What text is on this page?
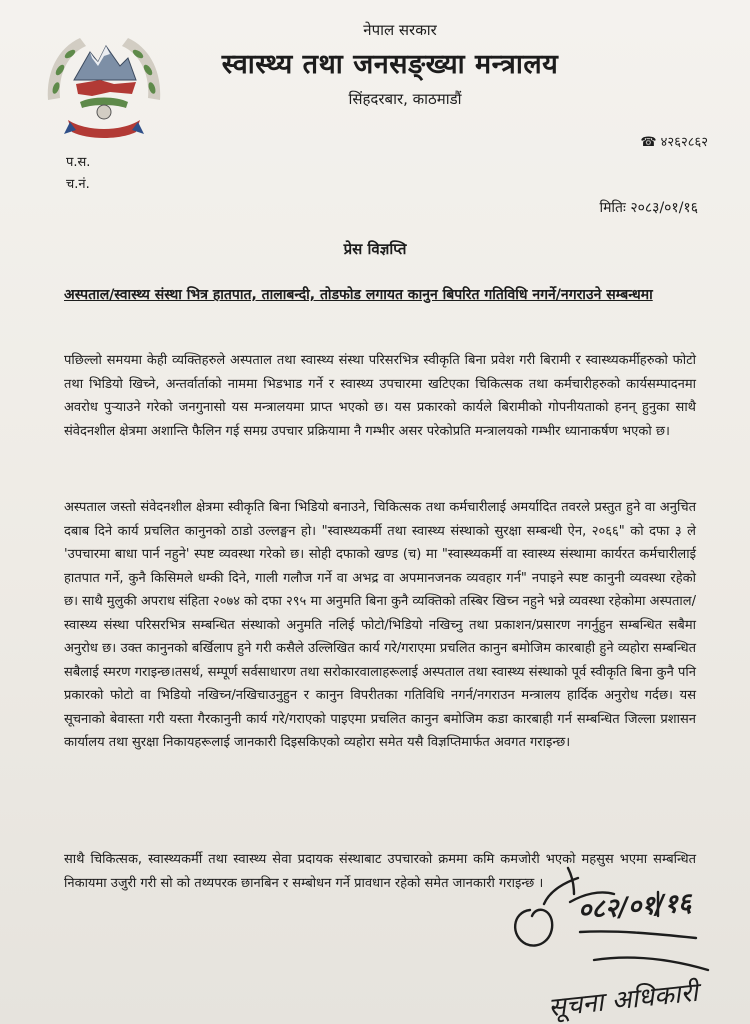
नेपाल सरकार
स्वास्थ्य तथा जनसङ्ख्या मन्त्रालय
सिंहदरबार, काठमाडौं
☎ ४२६२८६२
प.स.
च.नं.
मितिः २०८३/०१/१६
प्रेस विज्ञप्ति
अस्पताल/स्वास्थ्य संस्था भित्र हातपात, तालाबन्दी, तोडफोड लगायत कानुन बिपरित गतिविधि नगर्ने/नगराउने सम्बन्धमा
पछिल्लो समयमा केही व्यक्तिहरुले अस्पताल तथा स्वास्थ्य संस्था परिसरभित्र स्वीकृति बिना प्रवेश गरी बिरामी र स्वास्थ्यकर्मीहरुको फोटो तथा भिडियो खिच्ने, अन्तर्वार्ताको नाममा भिडभाड गर्ने र स्वास्थ्य उपचारमा खटिएका चिकित्सक तथा कर्मचारीहरुको कार्यसम्पादनमा अवरोध पुऱ्याउने गरेको जनगुनासो यस मन्त्रालयमा प्राप्त भएको छ। यस प्रकारको कार्यले बिरामीको गोपनीयताको हनन् हुनुका साथै संवेदनशील क्षेत्रमा अशान्ति फैलिन गई समग्र उपचार प्रक्रियामा नै गम्भीर असर परेकोप्रति मन्त्रालयको गम्भीर ध्यानाकर्षण भएको छ।
अस्पताल जस्तो संवेदनशील क्षेत्रमा स्वीकृति बिना भिडियो बनाउने, चिकित्सक तथा कर्मचारीलाई अमर्यादित तवरले प्रस्तुत हुने वा अनुचित दबाब दिने कार्य प्रचलित कानुनको ठाडो उल्लङ्घन हो। "स्वास्थ्यकर्मी तथा स्वास्थ्य संस्थाको सुरक्षा सम्बन्धी ऐन, २०६६" को दफा ३ ले 'उपचारमा बाधा पार्न नहुने' स्पष्ट व्यवस्था गरेको छ। सोही दफाको खण्ड (च) मा "स्वास्थ्यकर्मी वा स्वास्थ्य संस्थामा कार्यरत कर्मचारीलाई हातपात गर्ने, कुनै किसिमले धम्की दिने, गाली गलौज गर्ने वा अभद्र वा अपमानजनक व्यवहार गर्न" नपाइने स्पष्ट कानुनी व्यवस्था रहेको छ। साथै मुलुकी अपराध संहिता २०७४ को दफा २९५ मा अनुमति बिना कुनै व्यक्तिको तस्बिर खिच्न नहुने भन्ने व्यवस्था रहेकोमा अस्पताल/स्वास्थ्य संस्था परिसरभित्र सम्बन्धित संस्थाको अनुमति नलिई फोटो/भिडियो नखिच्नु तथा प्रकाशन/प्रसारण नगर्नुहुन सम्बन्धित सबैमा अनुरोध छ। उक्त कानुनको बर्खिलाप हुने गरी कसैले उल्लिखित कार्य गरे/गराएमा प्रचलित कानुन बमोजिम कारबाही हुने व्यहोरा सम्बन्धित सबैलाई स्मरण गराइन्छ।तसर्थ, सम्पूर्ण सर्वसाधारण तथा सरोकारवालाहरूलाई अस्पताल तथा स्वास्थ्य संस्थाको पूर्व स्वीकृति बिना कुनै पनि प्रकारको फोटो वा भिडियो नखिच्न/नखिचाउनुहुन र कानुन विपरीतका गतिविधि नगर्न/नगराउन मन्त्रालय हार्दिक अनुरोध गर्दछ। यस सूचनाको बेवास्ता गरी यस्ता गैरकानुनी कार्य गरे/गराएको पाइएमा प्रचलित कानुन बमोजिम कडा कारबाही गर्न सम्बन्धित जिल्ला प्रशासन कार्यालय तथा सुरक्षा निकायहरूलाई जानकारी दिइसकिएको व्यहोरा समेत यसै विज्ञप्तिमार्फत अवगत गराइन्छ।
साथै चिकित्सक, स्वास्थ्यकर्मी तथा स्वास्थ्य सेवा प्रदायक संस्थाबाट उपचारको क्रममा कमि कमजोरी भएको महसुस भएमा सम्बन्धित निकायमा उजुरी गरी सो को तथ्यपरक छानबिन र सम्बोधन गर्ने प्रावधान रहेको समेत जानकारी गराइन्छ ।
०८२/०१/१६
सूचना अधिकारी
